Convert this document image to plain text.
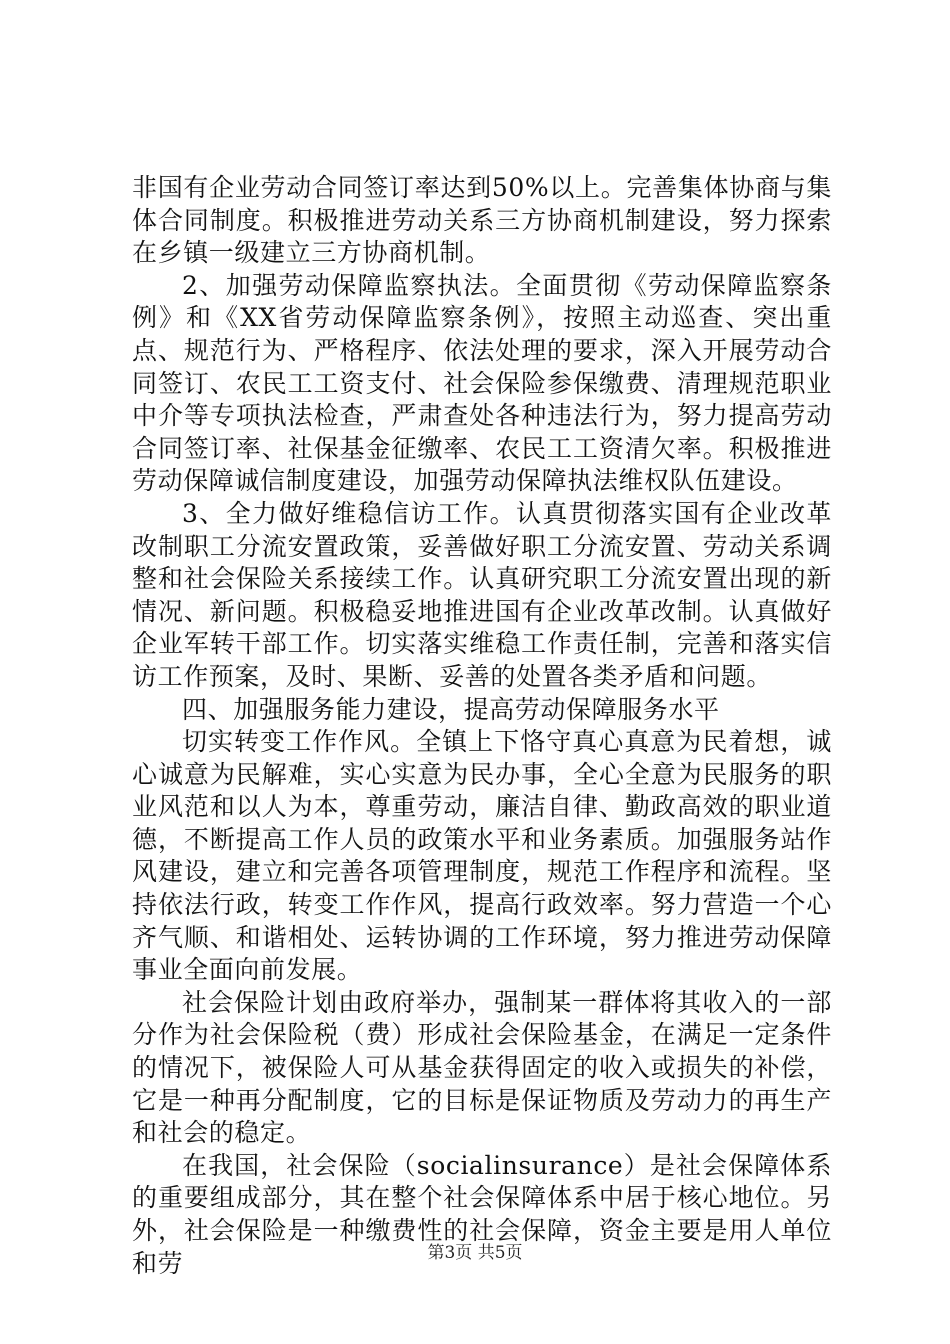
非国有企业劳动合同签订率达到50%以上。完善集体协商与集体合同制度。积极推进劳动关系三方协商机制建设，努力探索在乡镇一级建立三方协商机制。

2、加强劳动保障监察执法。全面贯彻《劳动保障监察条例》和《XX省劳动保障监察条例》，按照主动巡查、突出重点、规范行为、严格程序、依法处理的要求，深入开展劳动合同签订、农民工工资支付、社会保险参保缴费、清理规范职业中介等专项执法检查，严肃查处各种违法行为，努力提高劳动合同签订率、社保基金征缴率、农民工工资清欠率。积极推进劳动保障诚信制度建设，加强劳动保障执法维权队伍建设。

3、全力做好维稳信访工作。认真贯彻落实国有企业改革改制职工分流安置政策，妥善做好职工分流安置、劳动关系调整和社会保险关系接续工作。认真研究职工分流安置出现的新情况、新问题。积极稳妥地推进国有企业改革改制。认真做好企业军转干部工作。切实落实维稳工作责任制，完善和落实信访工作预案，及时、果断、妥善的处置各类矛盾和问题。

四、加强服务能力建设，提高劳动保障服务水平

切实转变工作作风。全镇上下恪守真心真意为民着想，诚心诚意为民解难，实心实意为民办事，全心全意为民服务的职业风范和以人为本，尊重劳动，廉洁自律、勤政高效的职业道德，不断提高工作人员的政策水平和业务素质。加强服务站作风建设，建立和完善各项管理制度，规范工作程序和流程。坚持依法行政，转变工作作风，提高行政效率。努力营造一个心齐气顺、和谐相处、运转协调的工作环境，努力推进劳动保障事业全面向前发展。

社会保险计划由政府举办，强制某一群体将其收入的一部分作为社会保险税（费）形成社会保险基金，在满足一定条件的情况下，被保险人可从基金获得固定的收入或损失的补偿，它是一种再分配制度，它的目标是保证物质及劳动力的再生产和社会的稳定。

在我国，社会保险（socialinsurance）是社会保障体系的重要组成部分，其在整个社会保障体系中居于核心地位。另外，社会保险是一种缴费性的社会保障，资金主要是用人单位和劳	第3页 共5页
